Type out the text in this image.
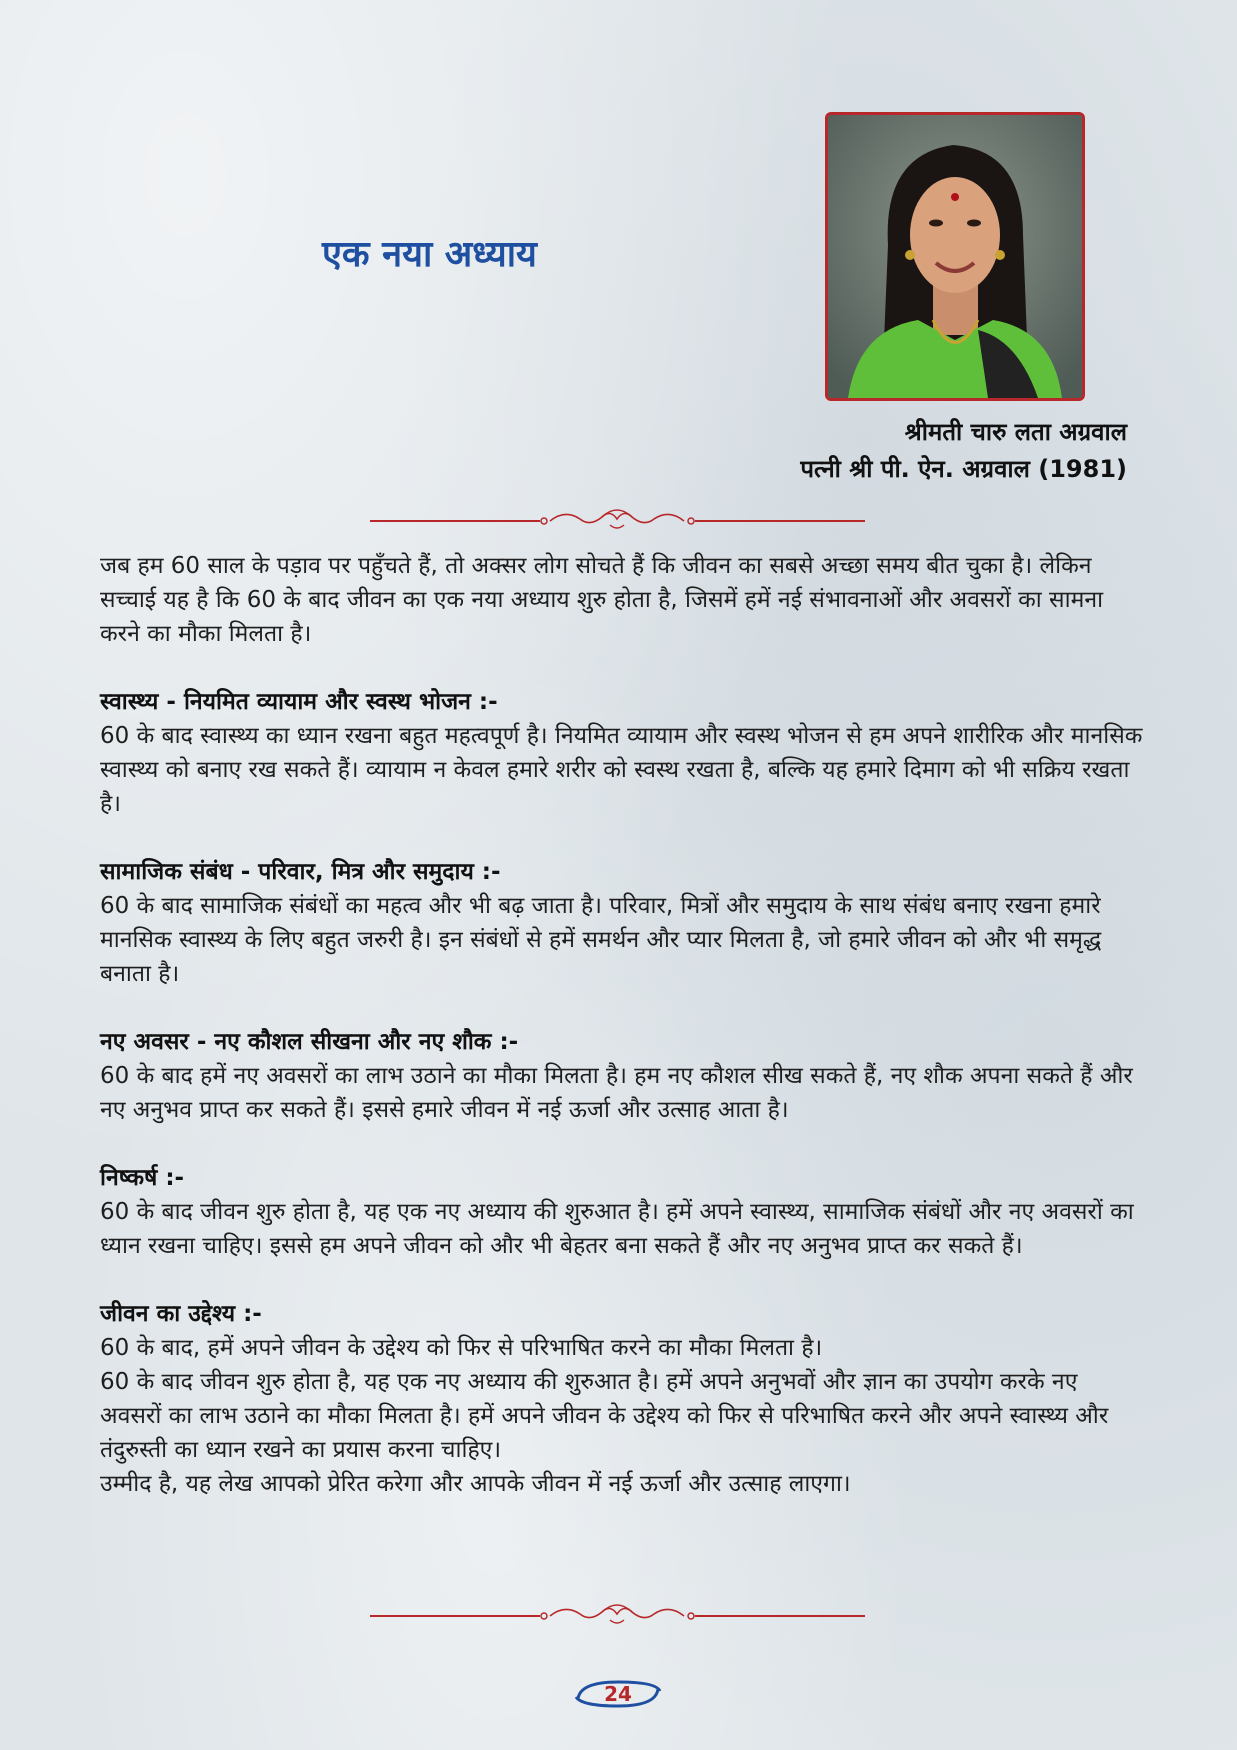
एक नया अध्याय
श्रीमती चारु लता अग्रवाल
पत्नी श्री पी. ऐन. अग्रवाल (1981)

जब हम 60 साल के पड़ाव पर पहुँचते हैं, तो अक्सर लोग सोचते हैं कि जीवन का सबसे अच्छा समय बीत चुका है। लेकिन सच्चाई यह है कि 60 के बाद जीवन का एक नया अध्याय शुरु होता है, जिसमें हमें नई संभावनाओं और अवसरों का सामना करने का मौका मिलता है।

स्वास्थ्य - नियमित व्यायाम और स्वस्थ भोजन :-

60 के बाद स्वास्थ्य का ध्यान रखना बहुत महत्वपूर्ण है। नियमित व्यायाम और स्वस्थ भोजन से हम अपने शारीरिक और मानसिक स्वास्थ्य को बनाए रख सकते हैं। व्यायाम न केवल हमारे शरीर को स्वस्थ रखता है, बल्कि यह हमारे दिमाग को भी सक्रिय रखता है।

सामाजिक संबंध - परिवार, मित्र और समुदाय :-

60 के बाद सामाजिक संबंधों का महत्व और भी बढ़ जाता है। परिवार, मित्रों और समुदाय के साथ संबंध बनाए रखना हमारे मानसिक स्वास्थ्य के लिए बहुत जरुरी है। इन संबंधों से हमें समर्थन और प्यार मिलता है, जो हमारे जीवन को और भी समृद्ध बनाता है।

नए अवसर - नए कौशल सीखना और नए शौक :-

60 के बाद हमें नए अवसरों का लाभ उठाने का मौका मिलता है। हम नए कौशल सीख सकते हैं, नए शौक अपना सकते हैं और नए अनुभव प्राप्त कर सकते हैं। इससे हमारे जीवन में नई ऊर्जा और उत्साह आता है।

निष्कर्ष :-

60 के बाद जीवन शुरु होता है, यह एक नए अध्याय की शुरुआत है। हमें अपने स्वास्थ्य, सामाजिक संबंधों और नए अवसरों का ध्यान रखना चाहिए। इससे हम अपने जीवन को और भी बेहतर बना सकते हैं और नए अनुभव प्राप्त कर सकते हैं।

जीवन का उद्देश्य :-

60 के बाद, हमें अपने जीवन के उद्देश्य को फिर से परिभाषित करने का मौका मिलता है।

60 के बाद जीवन शुरु होता है, यह एक नए अध्याय की शुरुआत है। हमें अपने अनुभवों और ज्ञान का उपयोग करके नए अवसरों का लाभ उठाने का मौका मिलता है। हमें अपने जीवन के उद्देश्य को फिर से परिभाषित करने और अपने स्वास्थ्य और तंदुरुस्ती का ध्यान रखने का प्रयास करना चाहिए।

उम्मीद है, यह लेख आपको प्रेरित करेगा और आपके जीवन में नई ऊर्जा और उत्साह लाएगा।

24
